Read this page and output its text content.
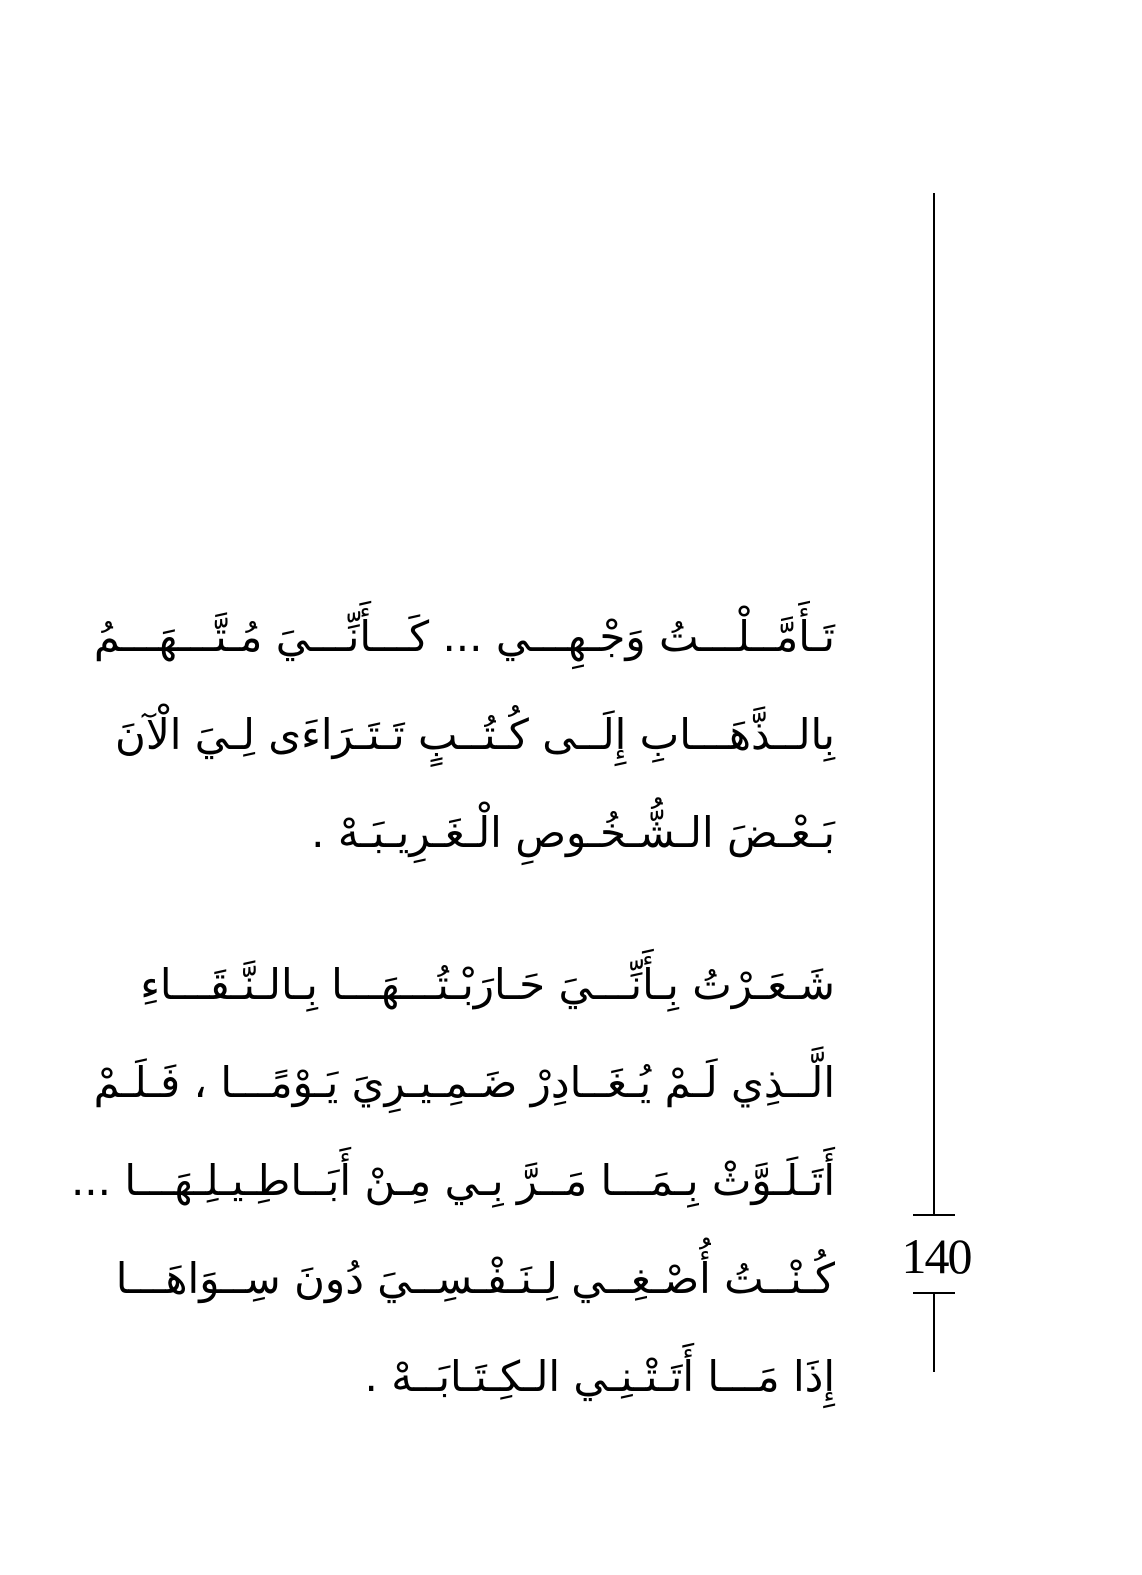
140
تَـأَمَّــلْـــتُ وَجْـهِـــي ... كَـــأَنِّـــيَ مُـتَّـــهَـــمُ
بِالــذَّهَـــابِ إِلَــى كُـتُــبٍ تَـتَـرَاءَى لِـيَ الْآنَ
بَـعْـضَ الـشُّـخُـوصِ الْـغَـرِيـبَـهْ .
شَـعَـرْتُ بِـأَنِّـــيَ حَـارَبْـتُـــهَـــا بِـالـنَّـقَـــاءِ
الَّــذِي لَـمْ يُـغَــادِرْ ضَـمِـيـرِيَ يَـوْمًـــا ، فَـلَـمْ
أَتَـلَـوَّثْ بِـمَـــا مَــرَّ بِـي مِـنْ أَبَــاطِـيـلِـهَـــا ...
كُـنْــتُ أُصْـغِــي لِـنَـفْـسِــيَ دُونَ سِــوَاهَـــا
إِذَا مَـــا أَتَـتْـنِـي الـكِـتَـابَــهْ .
